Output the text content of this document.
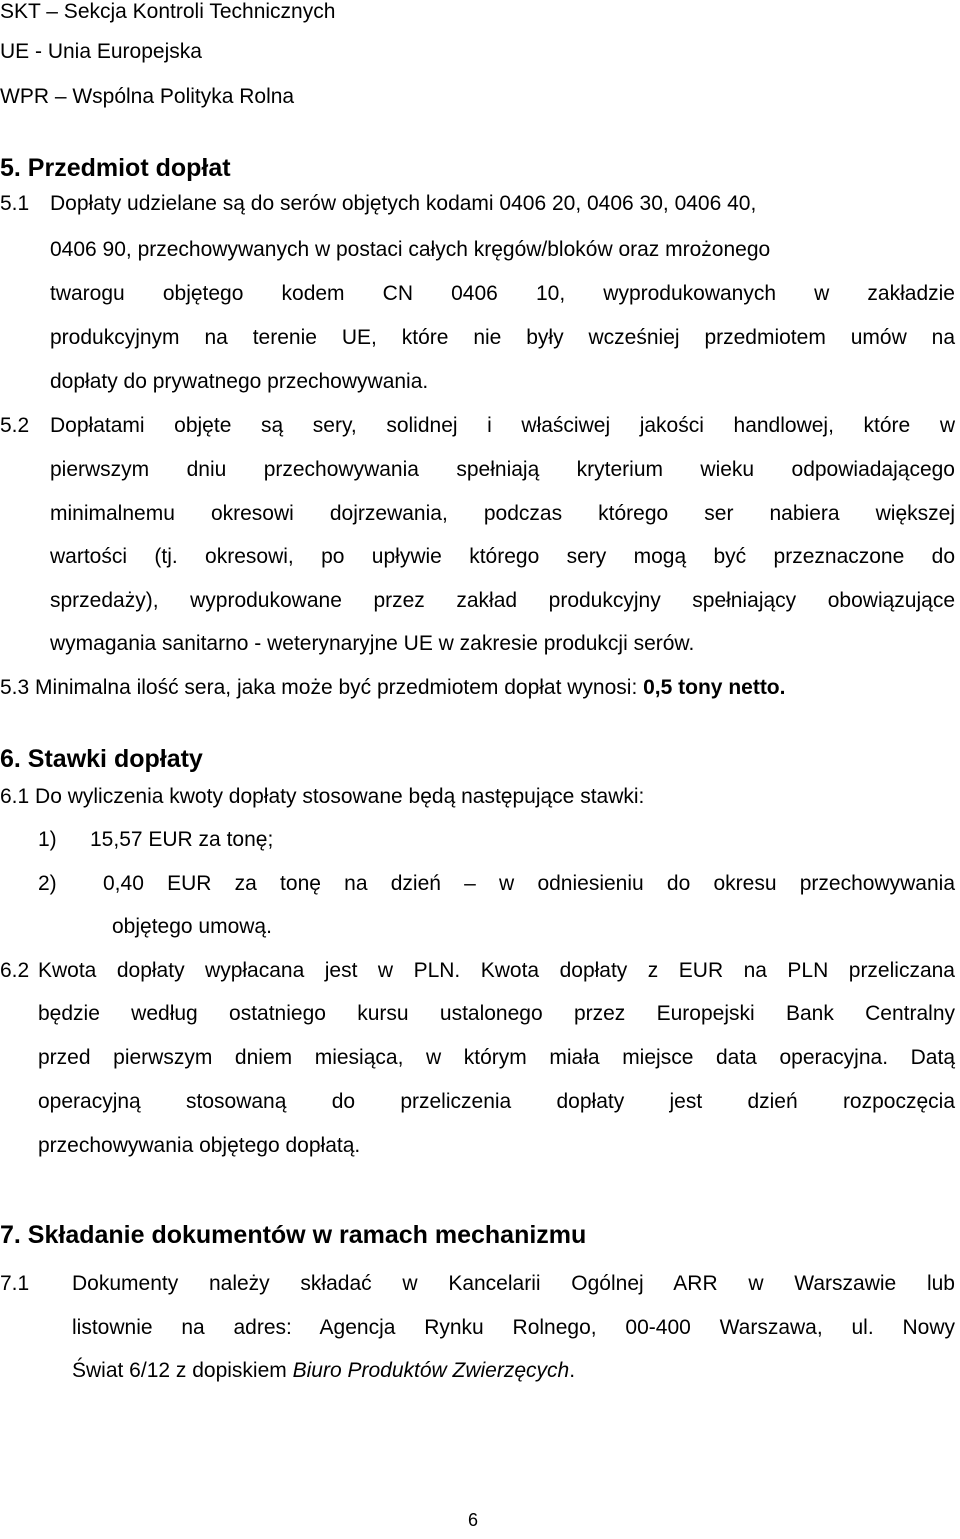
SKT – Sekcja Kontroli Technicznych
UE - Unia Europejska
WPR – Wspólna Polityka Rolna
5. Przedmiot dopłat
5.1 Dopłaty udzielane są do serów objętych kodami 0406 20, 0406 30, 0406 40,
0406 90, przechowywanych w postaci całych kręgów/bloków oraz mrożonego
twarogu objętego kodem CN 0406 10, wyprodukowanych w zakładzie
produkcyjnym na terenie UE, które nie były wcześniej przedmiotem umów na
dopłaty do prywatnego przechowywania.
5.2 Dopłatami objęte są sery, solidnej i właściwej jakości handlowej, które w
pierwszym dniu przechowywania spełniają kryterium wieku odpowiadającego
minimalnemu okresowi dojrzewania, podczas którego ser nabiera większej
wartości (tj. okresowi, po upływie którego sery mogą być przeznaczone do
sprzedaży), wyprodukowane przez zakład produkcyjny spełniający obowiązujące
wymagania sanitarno - weterynaryjne UE w zakresie produkcji serów.
5.3 Minimalna ilość sera, jaka może być przedmiotem dopłat wynosi: 0,5 tony netto.
6. Stawki dopłaty
6.1 Do wyliczenia kwoty dopłaty stosowane będą następujące stawki:
1) 15,57 EUR za tonę;
2) 0,40 EUR za tonę na dzień – w odniesieniu do okresu przechowywania
objętego umową.
6.2 Kwota dopłaty wypłacana jest w PLN. Kwota dopłaty z EUR na PLN przeliczana
będzie według ostatniego kursu ustalonego przez Europejski Bank Centralny
przed pierwszym dniem miesiąca, w którym miała miejsce data operacyjna. Datą
operacyjną stosowaną do przeliczenia dopłaty jest dzień rozpoczęcia
przechowywania objętego dopłatą.
7. Składanie dokumentów w ramach mechanizmu
7.1 Dokumenty należy składać w Kancelarii Ogólnej ARR w Warszawie lub
listownie na adres: Agencja Rynku Rolnego, 00-400 Warszawa, ul. Nowy
Świat 6/12 z dopiskiem Biuro Produktów Zwierzęcych.
6
